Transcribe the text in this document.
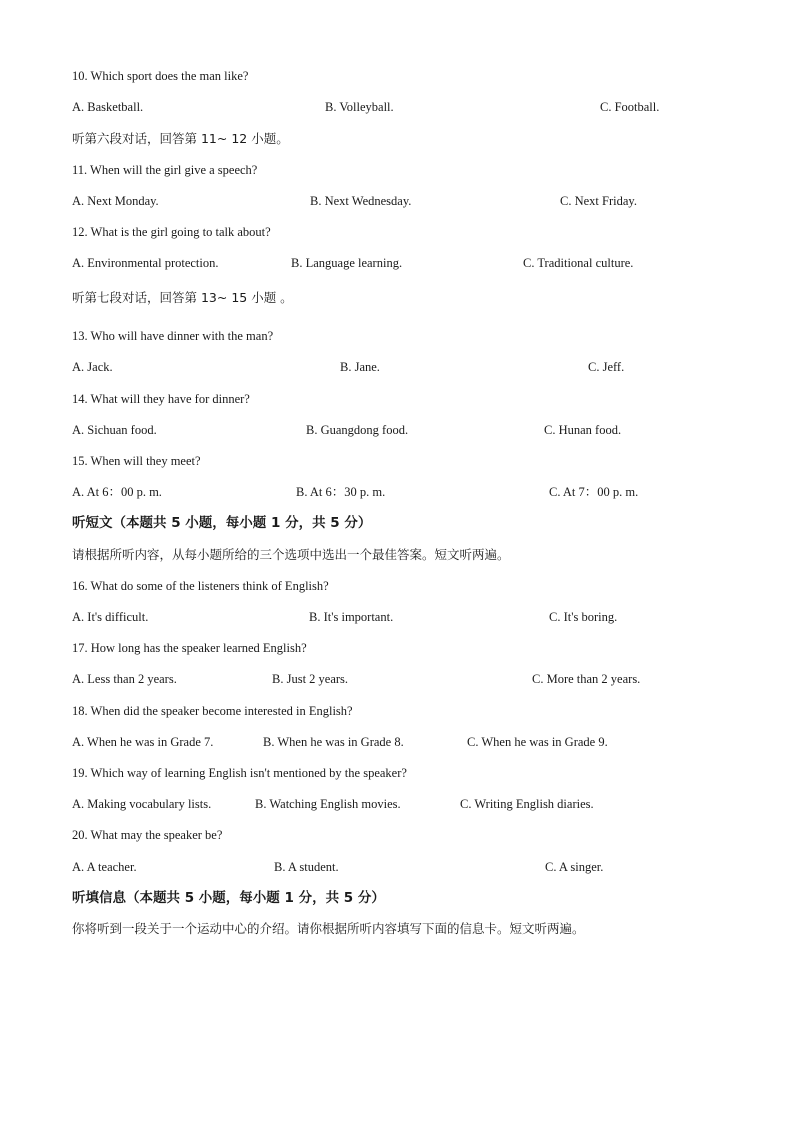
10. Which sport does the man like?
A. Basketball.	B. Volleyball.	C. Football.
听第六段对话，回答第 11~ 12 小题。
11. When will the girl give a speech?
A. Next Monday.	B. Next Wednesday.	C. Next Friday.
12. What is the girl going to talk about?
A. Environmental protection.	B. Language learning.	C. Traditional culture.
听第七段对话，回答第 13~ 15 小题 。
13. Who will have dinner with the man?
A. Jack.	B. Jane.	C. Jeff.
14. What will they have for dinner?
A. Sichuan food.	B. Guangdong food.	C. Hunan food.
15. When will they meet?
A. At 6：00 p. m.	B. At 6：30 p. m.	C. At 7：00 p. m.
听短文（本题共 5 小题，每小题 1 分，共 5 分）
请根据所听内容，从每小题所给的三个选项中选出一个最佳答案。短文听两遍。
16. What do some of the listeners think of English?
A. It's difficult.	B. It's important.	C. It's boring.
17. How long has the speaker learned English?
A. Less than 2 years.	B. Just 2 years.	C. More than 2 years.
18. When did the speaker become interested in English?
A. When he was in Grade 7.	B. When he was in Grade 8.	C. When he was in Grade 9.
19. Which way of learning English isn't mentioned by the speaker?
A. Making vocabulary lists.	B. Watching English movies.	C. Writing English diaries.
20. What may the speaker be?
A. A teacher.	B. A student.	C. A singer.
听填信息（本题共 5 小题，每小题 1 分，共 5 分）
你将听到一段关于一个运动中心的介绍。请你根据所听内容填写下面的信息卡。短文听两遍。
